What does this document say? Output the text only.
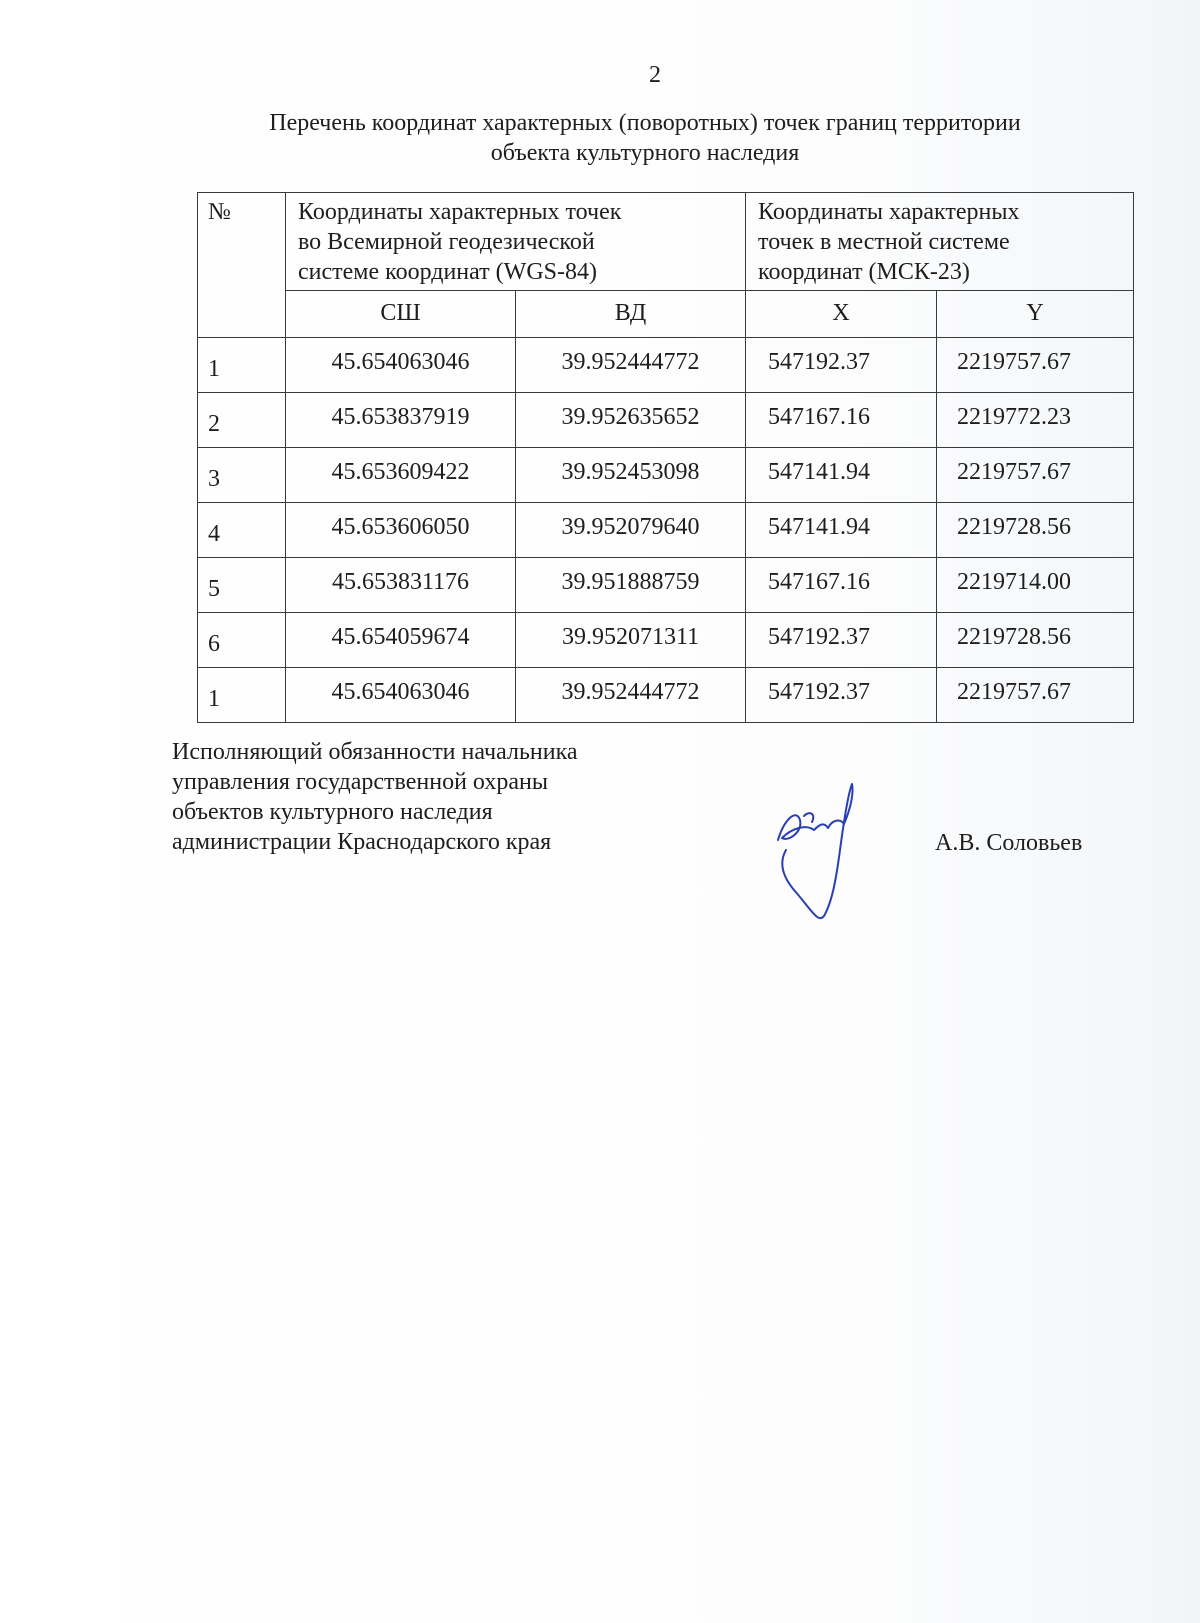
2
Перечень координат характерных (поворотных) точек границ территории
объекта культурного наследия
№	Координаты характерных точек
во Всемирной геодезической
системе координат (WGS-84)		Координаты характерных
точек в местной системе
координат (МСК-23)	

	СШ	ВД	X	Y
1	45.654063046	39.952444772	547192.37	2219757.67
2	45.653837919	39.952635652	547167.16	2219772.23
3	45.653609422	39.952453098	547141.94	2219757.67
4	45.653606050	39.952079640	547141.94	2219728.56
5	45.653831176	39.951888759	547167.16	2219714.00
6	45.654059674	39.952071311	547192.37	2219728.56
1	45.654063046	39.952444772	547192.37	2219757.67
Исполняющий обязанности начальника
управления государственной охраны
объектов культурного наследия
администрации Краснодарского края	А.В. Соловьев
